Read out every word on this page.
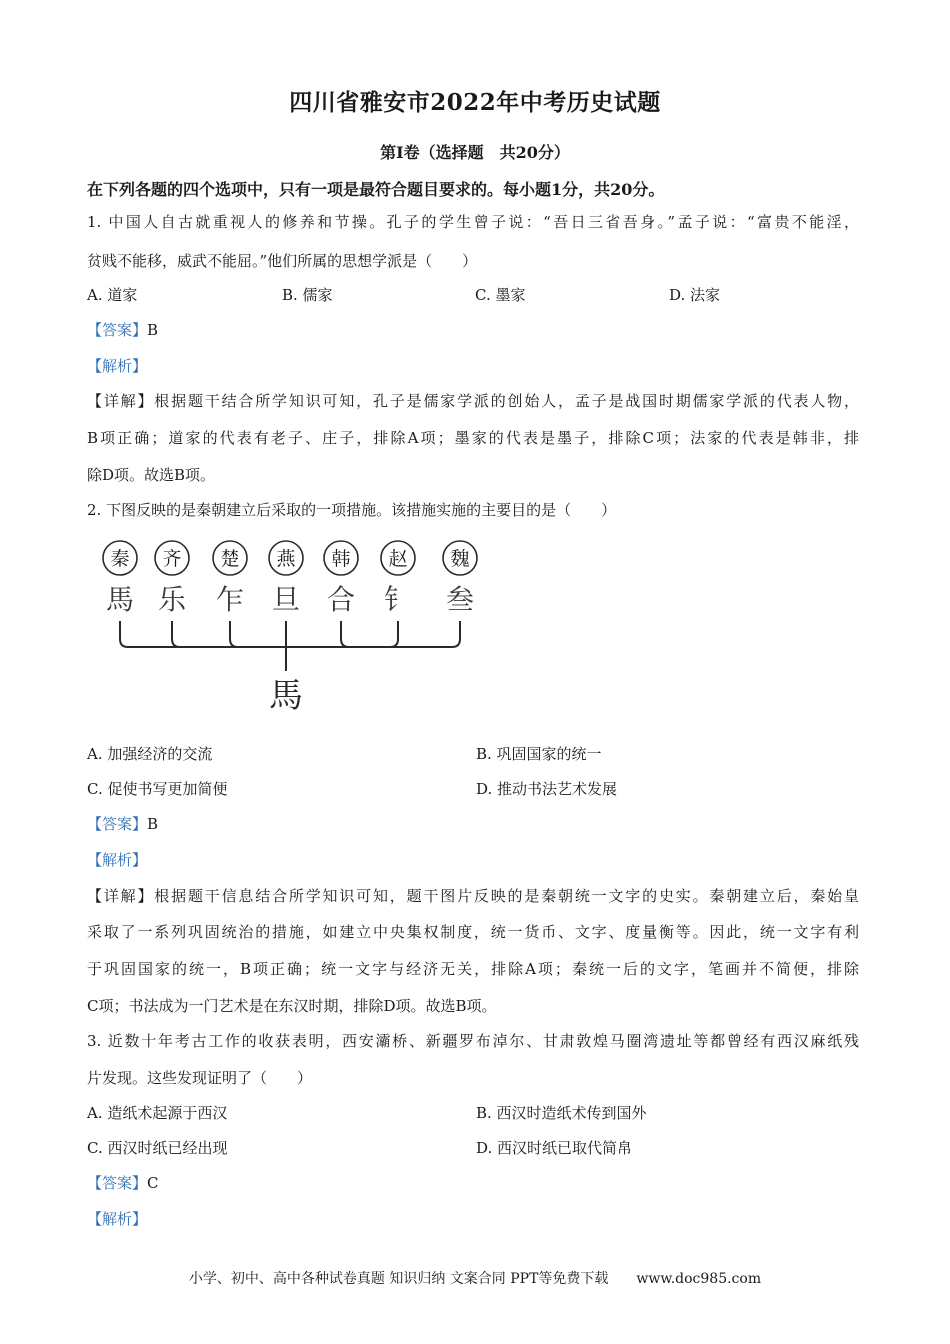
四川省雅安市2022年中考历史试题
第Ⅰ卷（选择题　共20分）
在下列各题的四个选项中，只有一项是最符合题目要求的。每小题1分，共20分。
1. 中国人自古就重视人的修养和节操。孔子的学生曾子说：“吾日三省吾身。”孟子说：“富贵不能淫，
贫贱不能移，威武不能屈。”他们所属的思想学派是（　　）
A. 道家	B. 儒家	C. 墨家	D. 法家
【答案】B
【解析】
【详解】根据题干结合所学知识可知，孔子是儒家学派的创始人，孟子是战国时期儒家学派的代表人物，
B项正确；道家的代表有老子、庄子，排除A项；墨家的代表是墨子，排除C项；法家的代表是韩非，排
除D项。故选B项。
2. 下图反映的是秦朝建立后采取的一项措施。该措施实施的主要目的是（　　）
秦 齐 楚 燕 韩 赵 魏
馬 乐 乍 旦 合 钅 叁
馬
A. 加强经济的交流	B. 巩固国家的统一
C. 促使书写更加简便	D. 推动书法艺术发展
【答案】B
【解析】
【详解】根据题干信息结合所学知识可知，题干图片反映的是秦朝统一文字的史实。秦朝建立后，秦始皇
采取了一系列巩固统治的措施，如建立中央集权制度，统一货币、文字、度量衡等。因此，统一文字有利
于巩固国家的统一，B项正确；统一文字与经济无关，排除A项；秦统一后的文字，笔画并不简便，排除
C项；书法成为一门艺术是在东汉时期，排除D项。故选B项。
3. 近数十年考古工作的收获表明，西安灞桥、新疆罗布淖尔、甘肃敦煌马圈湾遗址等都曾经有西汉麻纸残
片发现。这些发现证明了（　　）
A. 造纸术起源于西汉	B. 西汉时造纸术传到国外
C. 西汉时纸已经出现	D. 西汉时纸已取代简帛
【答案】C
【解析】
小学、初中、高中各种试卷真题 知识归纳 文案合同 PPT等免费下载　　www.doc985.com
